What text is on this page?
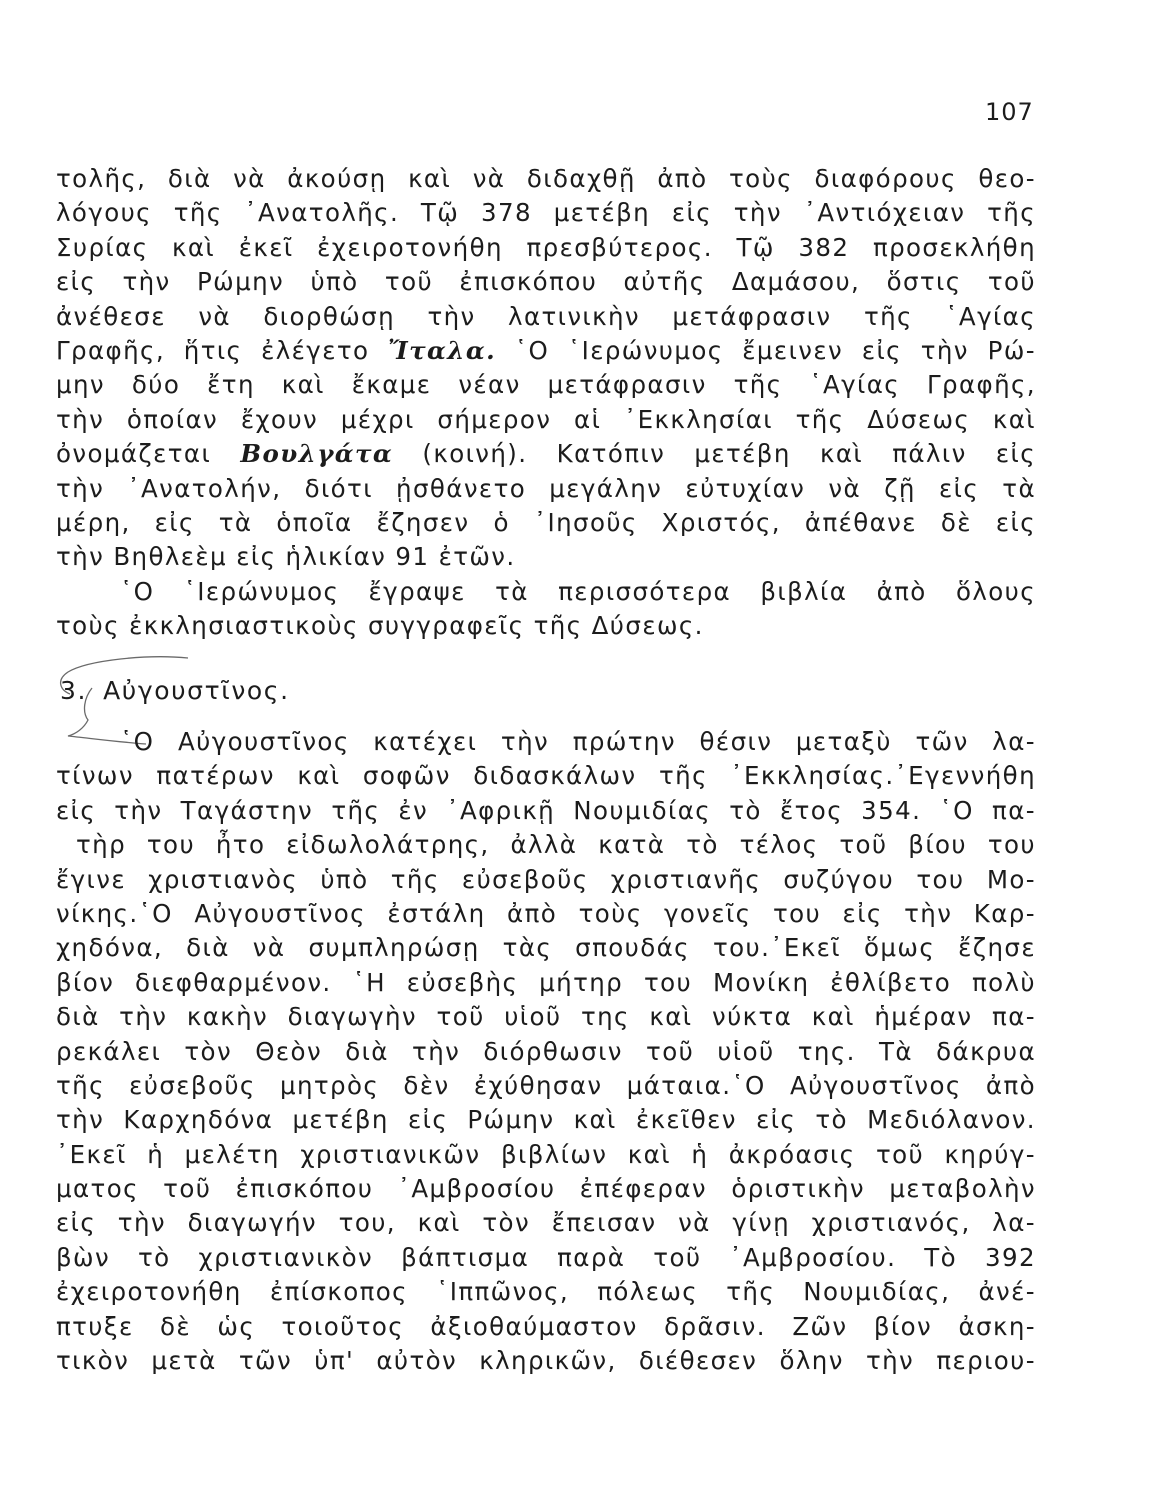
107
τολῆς, διὰ νὰ ἀκούσῃ καὶ νὰ διδαχθῇ ἀπὸ τοὺς διαφόρους θεο-
λόγους τῆς ᾿Ανατολῆς. Τῷ 378 μετέβη εἰς τὴν ᾿Αντιόχειαν τῆς
Συρίας καὶ ἐκεῖ ἐχειροτονήθη πρεσβύτερος. Τῷ 382 προσεκλήθη
εἰς τὴν Ρώμην ὑπὸ τοῦ ἐπισκόπου αὐτῆς Δαμάσου, ὅστις τοῦ
ἀνέθεσε νὰ διορθώσῃ τὴν λατινικὴν μετάφρασιν τῆς ῾Αγίας
Γραφῆς, ἥτις ἐλέγετο Ἴταλα. ῾Ο ῾Ιερώνυμος ἔμεινεν εἰς τὴν Ρώ-
μην δύο ἔτη καὶ ἔκαμε νέαν μετάφρασιν τῆς ῾Αγίας Γραφῆς,
τὴν ὁποίαν ἔχουν μέχρι σήμερον αἱ ᾿Εκκλησίαι τῆς Δύσεως καὶ
ὀνομάζεται Βουλγάτα (κοινή). Κατόπιν μετέβη καὶ πάλιν εἰς
τὴν ᾿Ανατολήν, διότι ᾐσθάνετο μεγάλην εὐτυχίαν νὰ ζῇ εἰς τὰ
μέρη, εἰς τὰ ὁποῖα ἔζησεν ὁ ᾿Ιησοῦς Χριστός, ἀπέθανε δὲ εἰς
τὴν Βηθλεὲμ εἰς ἡλικίαν 91 ἐτῶν.
῾Ο ῾Ιερώνυμος ἔγραψε τὰ περισσότερα βιβλία ἀπὸ ὅλους
τοὺς ἐκκλησιαστικοὺς συγγραφεῖς τῆς Δύσεως.
3. Αὐγουστῖνος.
῾Ο Αὐγουστῖνος κατέχει τὴν πρώτην θέσιν μεταξὺ τῶν λα-
τίνων πατέρων καὶ σοφῶν διδασκάλων τῆς ᾿Εκκλησίας.᾿Εγεννήθη
εἰς τὴν Ταγάστην τῆς ἐν ᾿Αφρικῇ Νουμιδίας τὸ ἔτος 354. ῾Ο πα-
τὴρ του ἦτο εἰδωλολάτρης, ἀλλὰ κατὰ τὸ τέλος τοῦ βίου του
ἔγινε χριστιανὸς ὑπὸ τῆς εὐσεβοῦς χριστιανῆς συζύγου του Μο-
νίκης.῾Ο Αὐγουστῖνος ἐστάλη ἀπὸ τοὺς γονεῖς του εἰς τὴν Καρ-
χηδόνα, διὰ νὰ συμπληρώσῃ τὰς σπουδάς του.᾿Εκεῖ ὅμως ἔζησε
βίον διεφθαρμένον. ῾Η εὐσεβὴς μήτηρ του Μονίκη ἐθλίβετο πολὺ
διὰ τὴν κακὴν διαγωγὴν τοῦ υἱοῦ της καὶ νύκτα καὶ ἡμέραν πα-
ρεκάλει τὸν Θεὸν διὰ τὴν διόρθωσιν τοῦ υἱοῦ της. Τὰ δάκρυα
τῆς εὐσεβοῦς μητρὸς δὲν ἐχύθησαν μάταια.῾Ο Αὐγουστῖνος ἀπὸ
τὴν Καρχηδόνα μετέβη εἰς Ρώμην καὶ ἐκεῖθεν εἰς τὸ Μεδιόλανον.
᾿Εκεῖ ἡ μελέτη χριστιανικῶν βιβλίων καὶ ἡ ἀκρόασις τοῦ κηρύγ-
ματος τοῦ ἐπισκόπου ᾿Αμβροσίου ἐπέφεραν ὁριστικὴν μεταβολὴν
εἰς τὴν διαγωγήν του, καὶ τὸν ἔπεισαν νὰ γίνῃ χριστιανός, λα-
βὼν τὸ χριστιανικὸν βάπτισμα παρὰ τοῦ ᾿Αμβροσίου. Τὸ 392
ἐχειροτονήθη ἐπίσκοπος ῾Ιππῶνος, πόλεως τῆς Νουμιδίας, ἀνέ-
πτυξε δὲ ὡς τοιοῦτος ἀξιοθαύμαστον δρᾶσιν. Ζῶν βίον ἀσκη-
τικὸν μετὰ τῶν ὑπ' αὐτὸν κληρικῶν, διέθεσεν ὅλην τὴν περιου-
